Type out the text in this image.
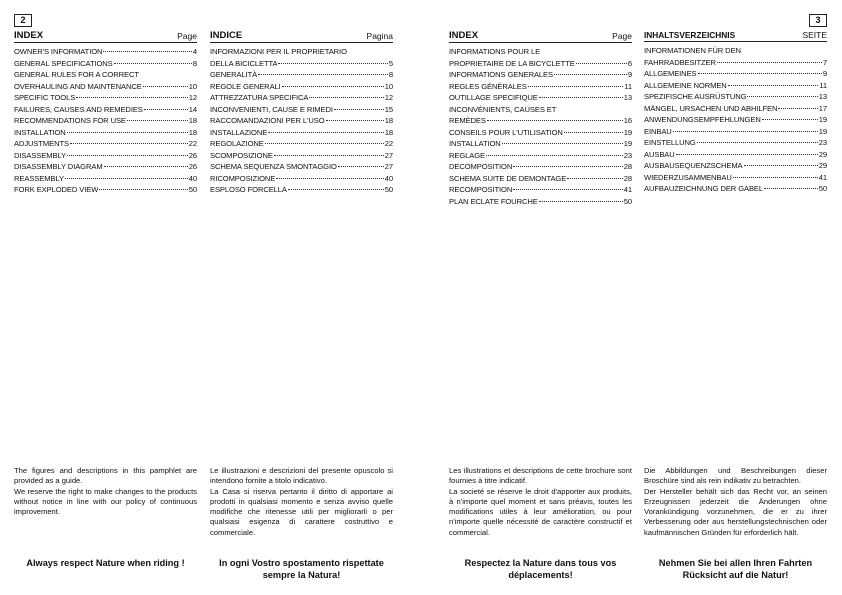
2	3
INDEX	Page
OWNER'S INFORMATION	4
GENERAL SPECIFICATIONS	8
GENERAL RULES FOR A CORRECT
OVERHAULING AND MAINTENANCE	10
SPECIFIC TOOLS	12
FAILURES, CAUSES AND REMEDIES	14
RECOMMENDATIONS FOR USE	18
INSTALLATION	18
ADJUSTMENTS	22
DISASSEMBLY	26
DISASSEMBLY DIAGRAM	26
REASSEMBLY	40
FORK EXPLODED VIEW	50
INDICE	Pagina
INFORMAZIONI PER IL PROPRIETARIO
DELLA BICICLETTA	5
GENERALITÀ	8
REGOLE GENERALI	10
ATTREZZATURA SPECIFICA	12
INCONVENIENTI, CAUSE E RIMEDI	15
RACCOMANDAZIONI PER L'USO	18
INSTALLAZIONE	18
REGOLAZIONE	22
SCOMPOSIZIONE	27
SCHEMA SEQUENZA SMONTAGGIO	27
RICOMPOSIZIONE	40
ESPLOSO FORCELLA	50
INDEX	Page
INFORMATIONS POUR LE
PROPRIETAIRE DE LA BICYCLETTE	6
INFORMATIONS GENERALES	9
REGLES GÉNÉRALES	11
OUTILLAGE SPECIFIQUE	13
INCONVÉNIENTS, CAUSES ET
REMÈDES	16
CONSEILS POUR L'UTILISATION	19
INSTALLATION	19
REGLAGE	23
DECOMPOSITION	28
SCHEMA SUITE DE DEMONTAGE	28
RECOMPOSITION	41
PLAN ECLATE FOURCHE	50
INHALTSVERZEICHNIS	SEITE
INFORMATIONEN FÜR DEN
FAHRRADBESITZER	7
ALLGEMEINES	9
ALLGEMEINE NORMEN	11
SPEZIFISCHE AUSRÜSTUNG	13
MÄNGEL, URSACHEN UND ABHILFEN	17
ANWENDUNGSEMPFEHLUNGEN	19
EINBAU	19
EINSTELLUNG	23
AUSBAU	29
AUSBAUSEQUENZSCHEMA	29
WIEDERZUSAMMENBAU	41
AUFBAUZEICHNUNG DER GABEL	50

The figures and descriptions in this pamphlet are provided as a guide.

We reserve the right to make changes to the products without notice in line with our policy of continuous improvement.

Le illustrazioni e descrizioni del presente opuscolo si intendono fornite a titolo indicativo.

La Casa si riserva pertanto il diritto di apportare ai prodotti in qualsiasi momento e senza avviso quelle modifiche che ritenesse utili per migliorarli o per qualsiasi esigenza di carattere costruttivo e commerciale.

Les illustrations et descriptions de cette brochure sont fournies à titre indicatif.

La societé se réserve le droit d'apporter aux produits, à n'importe quel moment et sans préavis, toutes les modifications utiles à leur amélioration, ou pour n'importe quelle nécessité de caractère constructif et commercial.

Die Abbildungen und Beschreibungen dieser Broschüre sind als rein indikativ zu betrachten.

Der Hersteller behält sich das Recht vor, an seinen Erzeugnissen jederzeit die Änderungen ohne Vorankündigung vorzunehmen, die er zu ihrer Verbesserung oder aus herstellungstechnischen oder kaufmännischen Gründen für erforderlich hält.

Always respect Nature when riding !	In ogni Vostro spostamento rispettate sempre la Natura!
Respectez la Nature dans tous vos déplacements!
Nehmen Sie bei allen Ihren Fahrten Rücksicht auf die Natur!
